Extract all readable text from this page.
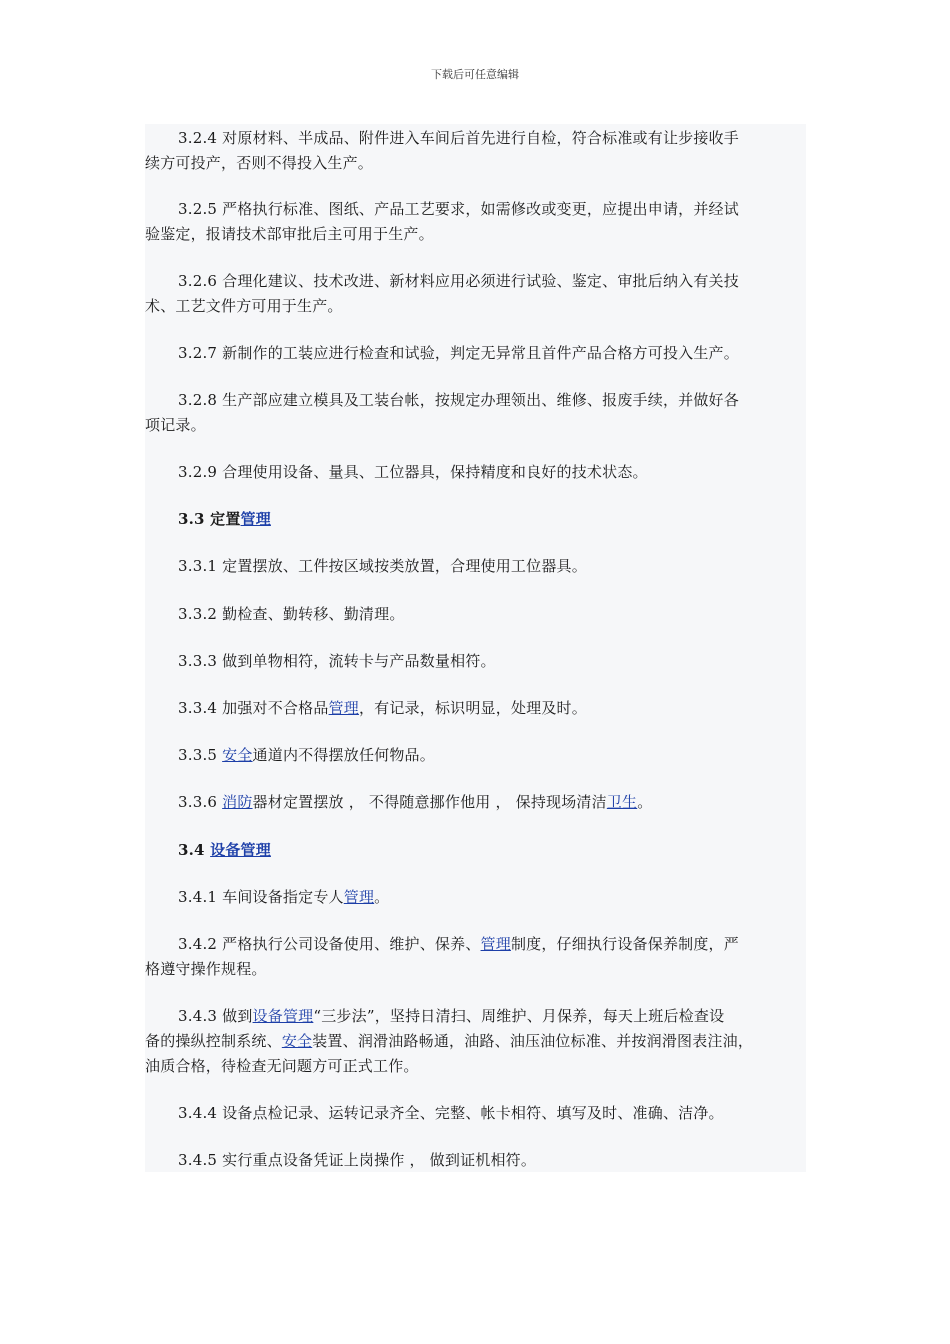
下载后可任意编辑

3.2.4 对原材料、半成品、附件进入车间后首先进行自检，符合标准或有让步接收手
续方可投产，否则不得投入生产。

3.2.5 严格执行标准、图纸、产品工艺要求，如需修改或变更，应提出申请，并经试
验鉴定，报请技术部审批后主可用于生产。

3.2.6 合理化建议、技术改进、新材料应用必须进行试验、鉴定、审批后纳入有关技
术、工艺文件方可用于生产。

3.2.7 新制作的工装应进行检查和试验，判定无异常且首件产品合格方可投入生产。

3.2.8 生产部应建立模具及工装台帐，按规定办理领出、维修、报废手续，并做好各
项记录。

3.2.9 合理使用设备、量具、工位器具，保持精度和良好的技术状态。

3.3 定置管理

3.3.1 定置摆放、工件按区域按类放置，合理使用工位器具。

3.3.2 勤检查、勤转移、勤清理。

3.3.3 做到单物相符，流转卡与产品数量相符。

3.3.4 加强对不合格品管理，有记录，标识明显，处理及时。

3.3.5 安全通道内不得摆放任何物品。

3.3.6 消防器材定置摆放 ， 不得随意挪作他用 ， 保持现场清洁卫生。

3.4 设备管理

3.4.1 车间设备指定专人管理。

3.4.2 严格执行公司设备使用、维护、保养、管理制度，仔细执行设备保养制度，严
格遵守操作规程。

3.4.3 做到设备管理“三步法”，坚持日清扫、周维护、月保养，每天上班后检查设
备的操纵控制系统、安全装置、润滑油路畅通，油路、油压油位标准、并按润滑图表注油，
油质合格，待检查无问题方可正式工作。

3.4.4 设备点检记录、运转记录齐全、完整、帐卡相符、填写及时、准确、洁净。

3.4.5 实行重点设备凭证上岗操作 ， 做到证机相符。
